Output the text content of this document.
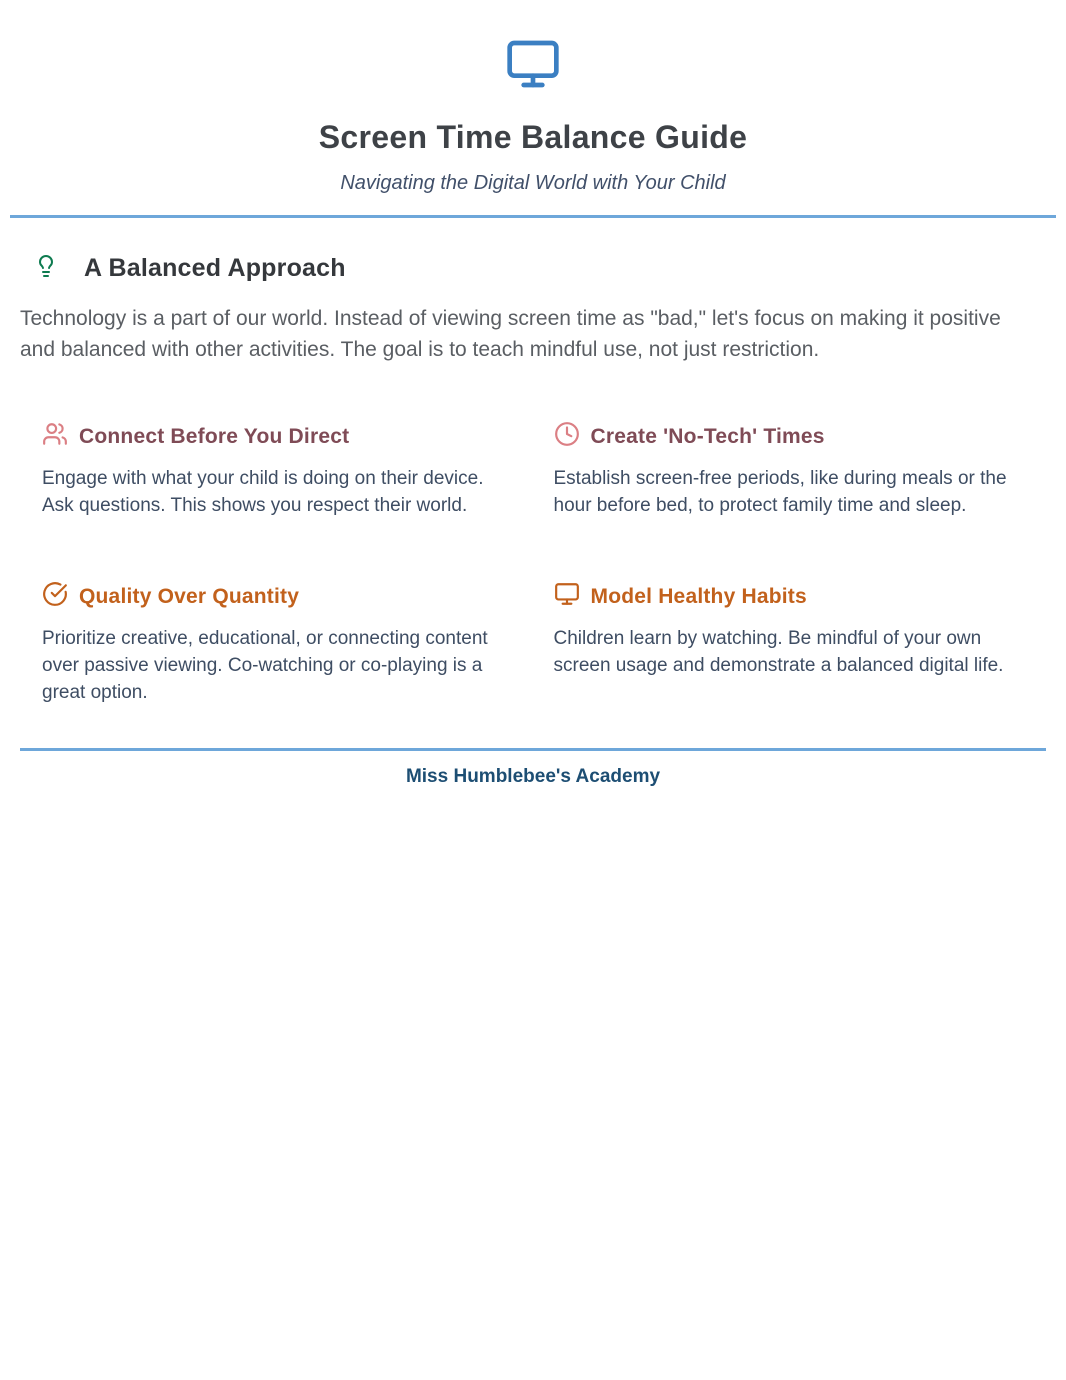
Screen Time Balance Guide
Navigating the Digital World with Your Child
A Balanced Approach

Technology is a part of our world. Instead of viewing screen time as "bad," let's focus on making it positive and balanced with other activities. The goal is to teach mindful use, not just restriction.

Connect Before You Direct

Engage with what your child is doing on their device. Ask questions. This shows you respect their world.

Create 'No-Tech' Times

Establish screen-free periods, like during meals or the hour before bed, to protect family time and sleep.

Quality Over Quantity

Prioritize creative, educational, or connecting content over passive viewing. Co-watching or co-playing is a great option.

Model Healthy Habits

Children learn by watching. Be mindful of your own screen usage and demonstrate a balanced digital life.

Miss Humblebee's Academy
